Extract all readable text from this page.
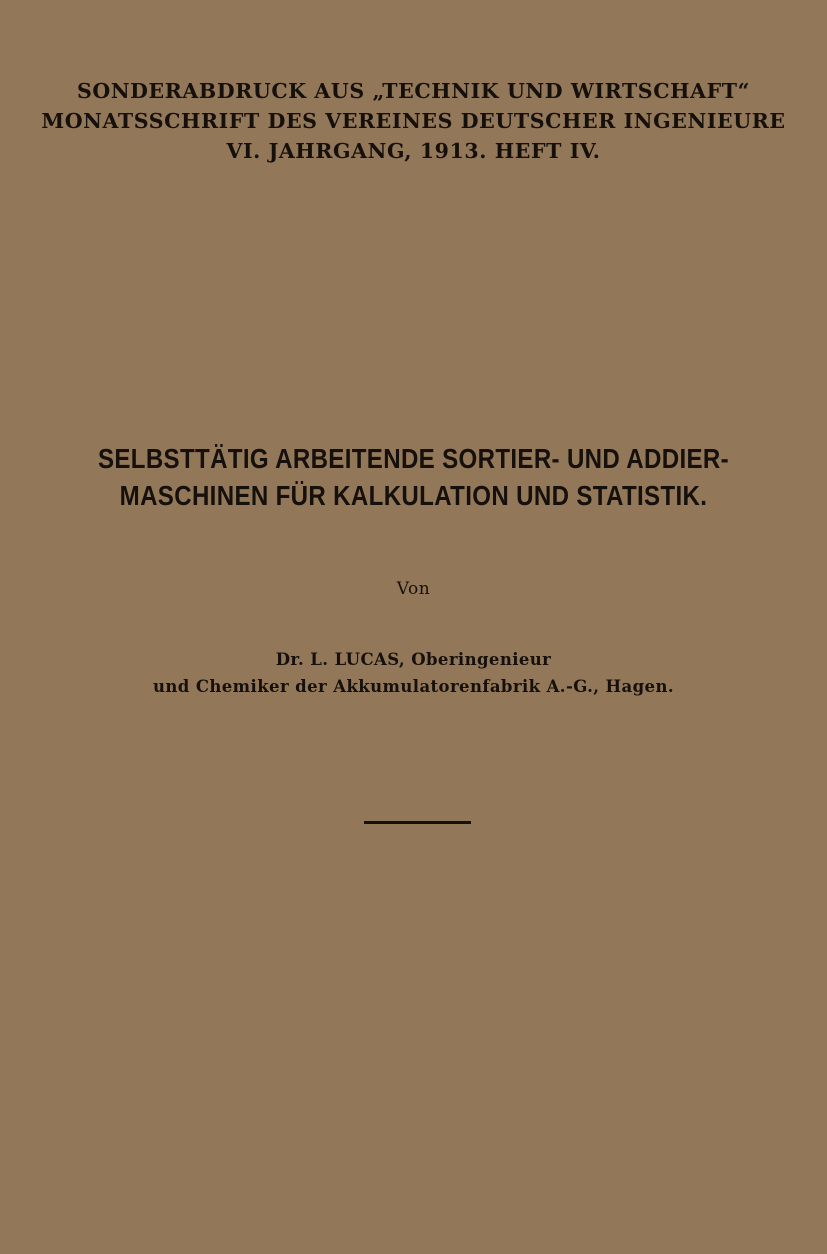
SONDERABDRUCK AUS „TECHNIK UND WIRTSCHAFT“
MONATSSCHRIFT DES VEREINES DEUTSCHER INGENIEURE
VI. JAHRGANG, 1913. HEFT IV.
SELBSTTÄTIG ARBEITENDE SORTIER- UND ADDIER-
MASCHINEN FÜR KALKULATION UND STATISTIK.
Von
Dr. L. LUCAS, Oberingenieur
und Chemiker der Akkumulatorenfabrik A.-G., Hagen.
